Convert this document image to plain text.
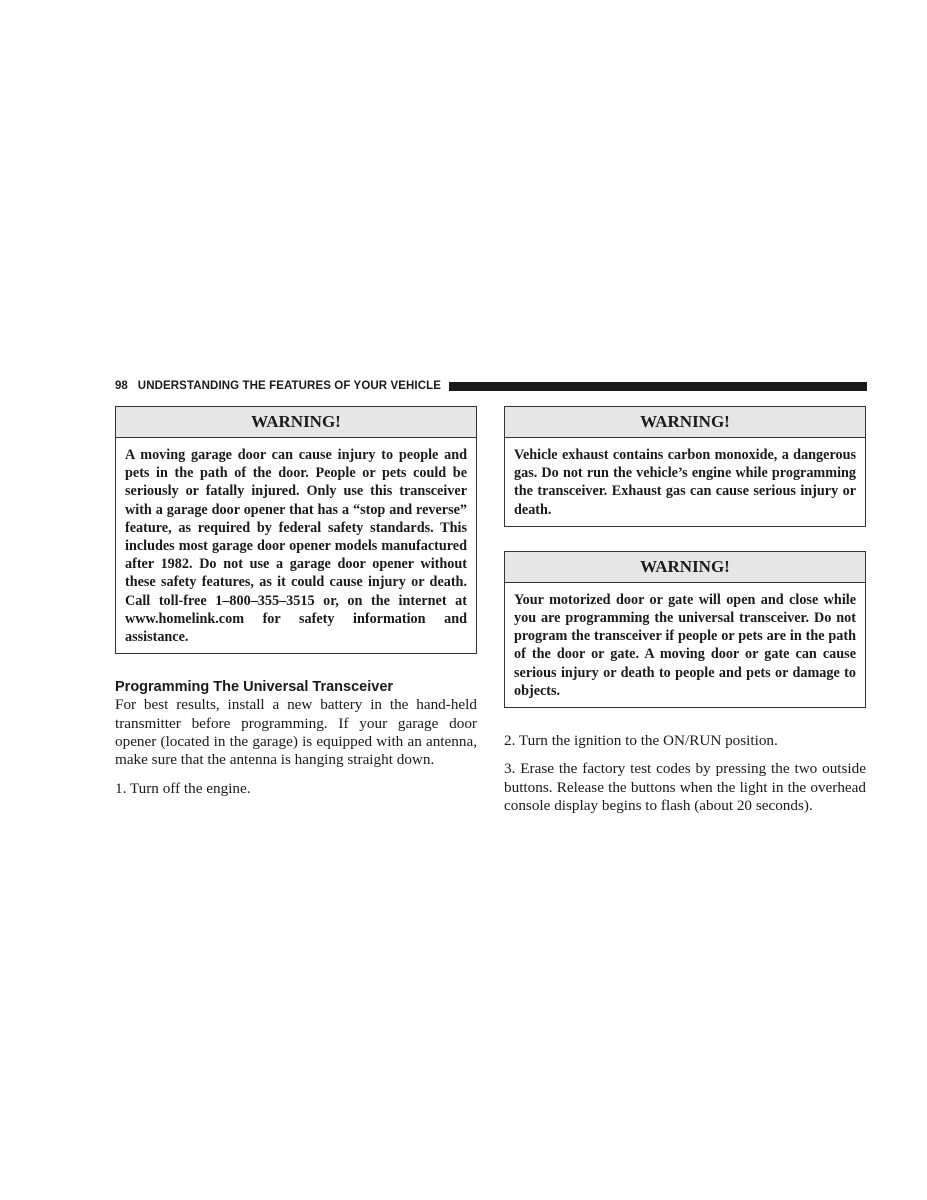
98 UNDERSTANDING THE FEATURES OF YOUR VEHICLE
WARNING!
A moving garage door can cause injury to people and pets in the path of the door. People or pets could be seriously or fatally injured. Only use this transceiver with a garage door opener that has a “stop and reverse” feature, as required by federal safety standards. This includes most garage door opener models manufactured after 1982. Do not use a garage door opener without these safety features, as it could cause injury or death. Call toll-free 1–800–355–3515 or, on the internet at www.homelink.com for safety information and assistance.
Programming The Universal Transceiver

For best results, install a new battery in the hand-held transmitter before programming. If your garage door opener (located in the garage) is equipped with an antenna, make sure that the antenna is hanging straight down.

1. Turn off the engine.

WARNING!
Vehicle exhaust contains carbon monoxide, a dangerous gas. Do not run the vehicle’s engine while programming the transceiver. Exhaust gas can cause serious injury or death.
WARNING!
Your motorized door or gate will open and close while you are programming the universal transceiver. Do not program the transceiver if people or pets are in the path of the door or gate. A moving door or gate can cause serious injury or death to people and pets or damage to objects.

2. Turn the ignition to the ON/RUN position.

3. Erase the factory test codes by pressing the two outside buttons. Release the buttons when the light in the overhead console display begins to flash (about 20 seconds).
